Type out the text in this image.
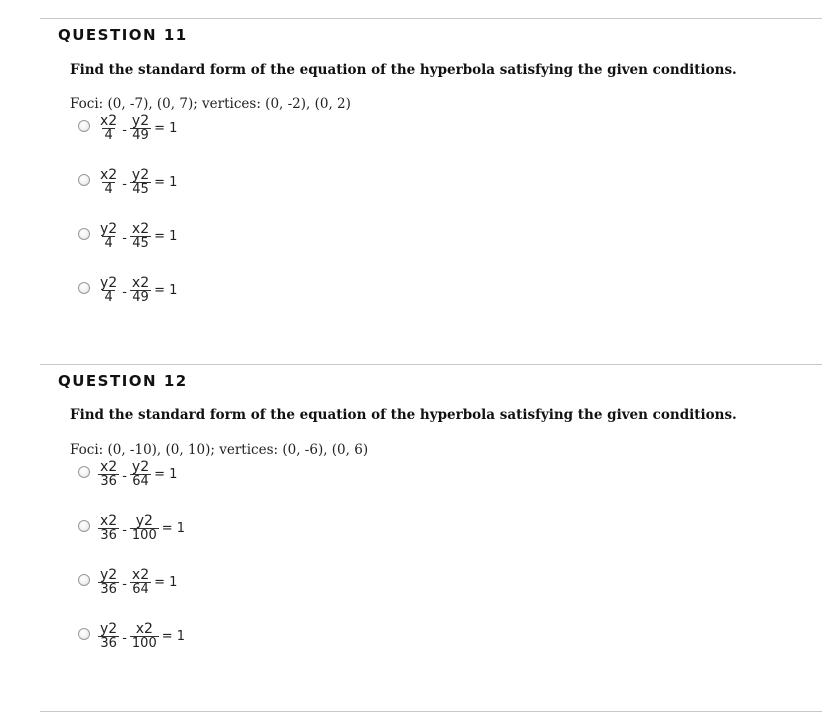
QUESTION 11
Find the standard form of the equation of the hyperbola satisfying the given conditions.
Foci: (0, -7), (0, 7); vertices: (0, -2), (0, 2)
$\frac{x2}{4} - \frac{y2}{49} = 1$
$\frac{x2}{4} - \frac{y2}{45} = 1$
$\frac{y2}{4} - \frac{x2}{45} = 1$
$\frac{y2}{4} - \frac{x2}{49} = 1$
QUESTION 12
Find the standard form of the equation of the hyperbola satisfying the given conditions.
Foci: (0, -10), (0, 10); vertices: (0, -6), (0, 6)
$\frac{x2}{36} - \frac{y2}{64} = 1$
$\frac{x2}{36} - \frac{y2}{100} = 1$
$\frac{y2}{36} - \frac{x2}{64} = 1$
$\frac{y2}{36} - \frac{x2}{100} = 1$
